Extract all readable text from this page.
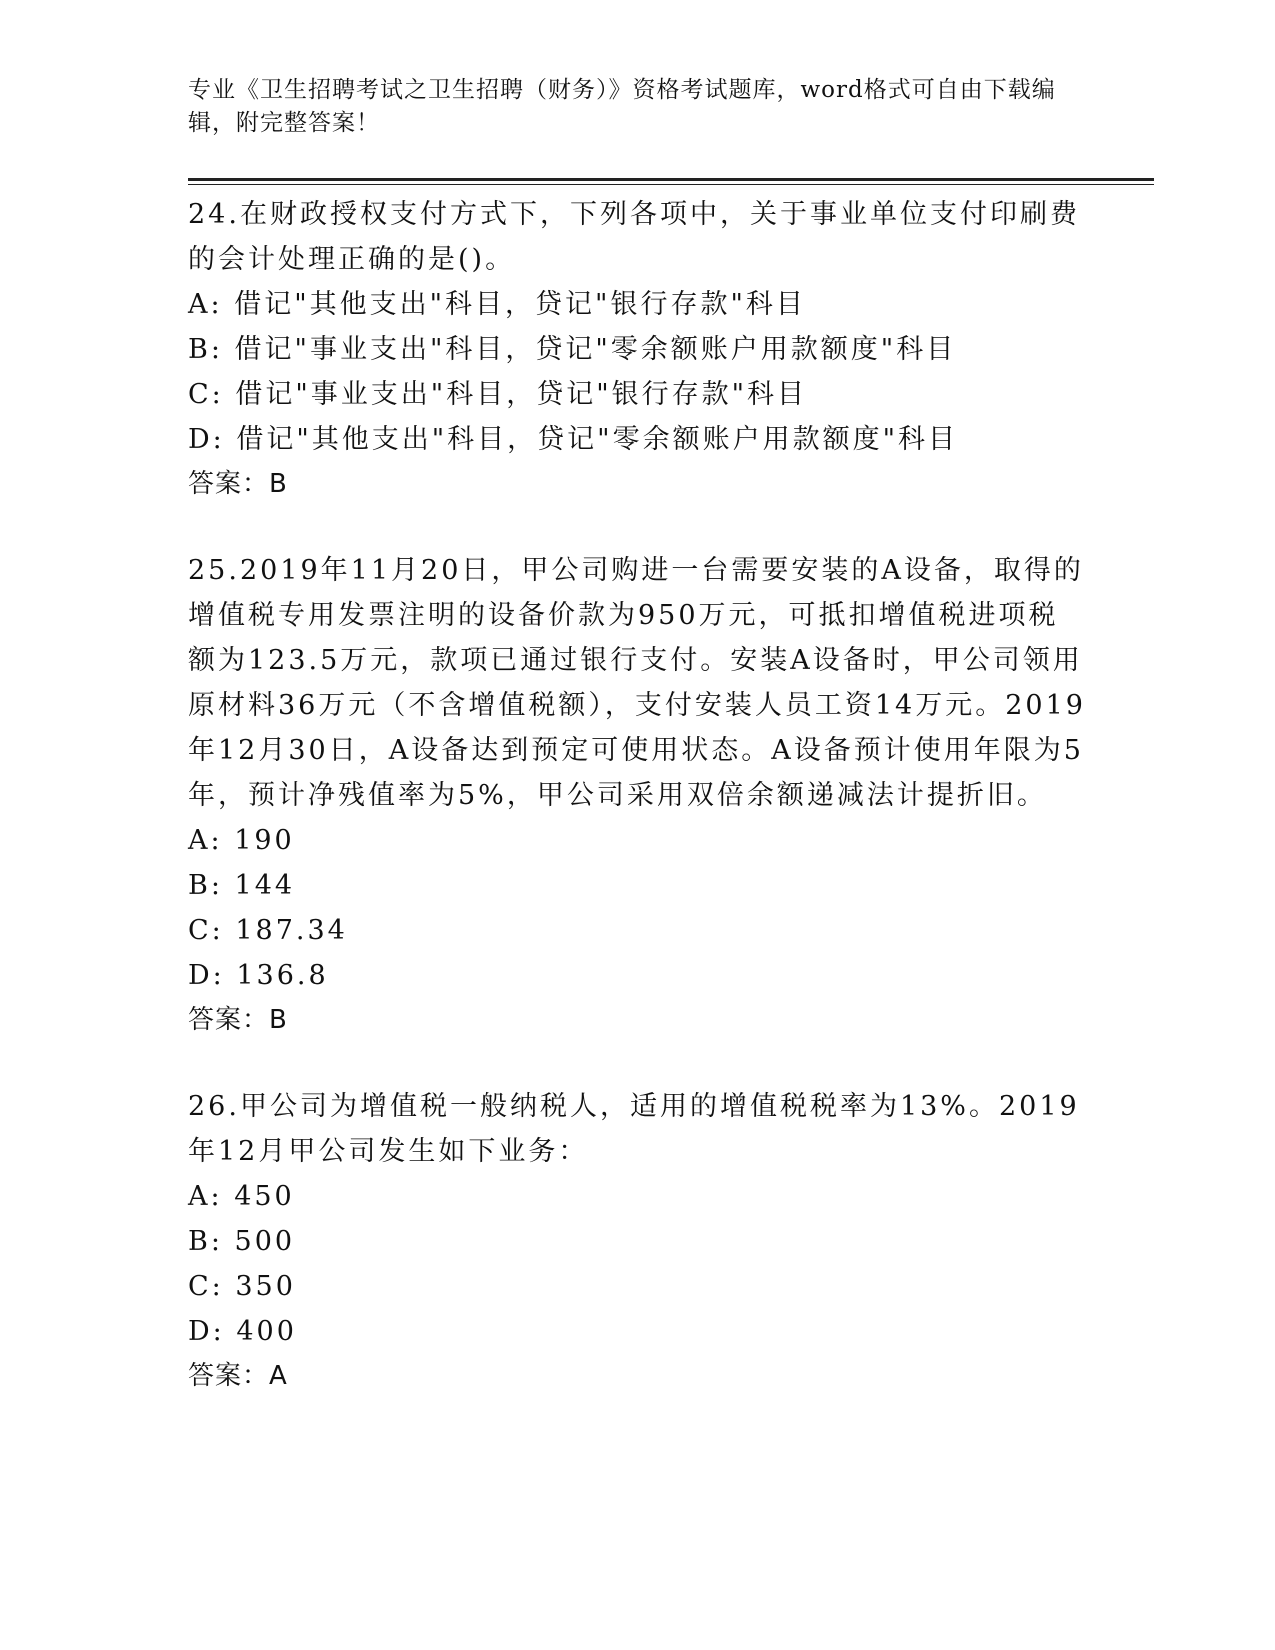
专业《卫生招聘考试之卫生招聘（财务）》资格考试题库，word格式可自由下载编辑，附完整答案！

24.在财政授权支付方式下，下列各项中，关于事业单位支付印刷费的会计处理正确的是()。

A:
借记"其他支出"科目，贷记"银行存款"科目
B:
借记"事业支出"科目，贷记"零余额账户用款额度"科目
C:
借记"事业支出"科目，贷记"银行存款"科目
D:
借记"其他支出"科目，贷记"零余额账户用款额度"科目
答案：B

25.2019年11月20日，甲公司购进一台需要安装的A设备，取得的增值税专用发票注明的设备价款为950万元，可抵扣增值税进项税额为123.5万元，款项已通过银行支付。安装A设备时，甲公司领用原材料36万元（不含增值税额），支付安装人员工资14万元。2019年12月30日，A设备达到预定可使用状态。A设备预计使用年限为5年，预计净残值率为5%，甲公司采用双倍余额递减法计提折旧。

A:
190
B:
144
C:
187.34
D:
136.8
答案：B

26.甲公司为增值税一般纳税人，适用的增值税税率为13%。2019年12月甲公司发生如下业务：

A:
450
B:
500
C:
350
D:
400
答案：A
